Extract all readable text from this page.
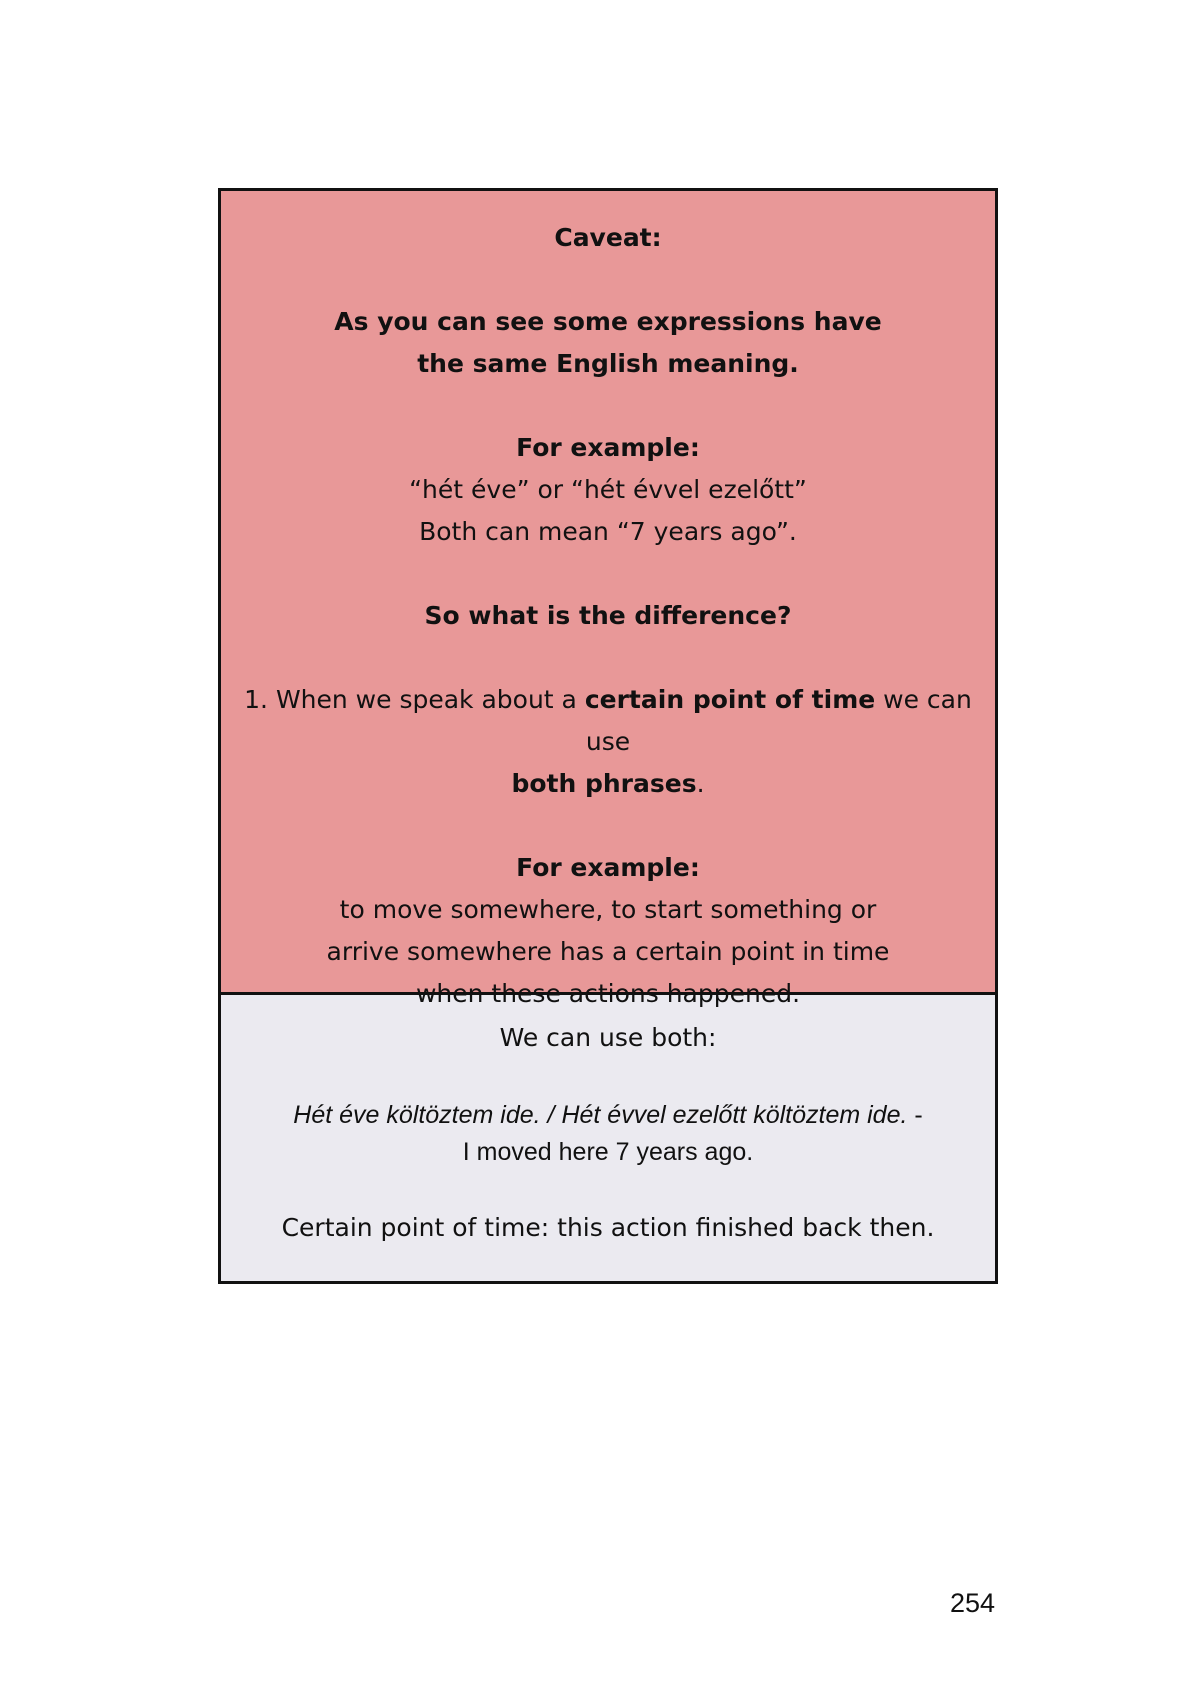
Caveat:

As you can see some expressions have

the same English meaning.

For example:

“hét éve” or “hét évvel ezelőtt”

Both can mean “7 years ago”.

So what is the difference?

1. When we speak about a certain point of time we can use

both phrases.

For example:

to move somewhere, to start something or

arrive somewhere has a certain point in time

when these actions happened.

We can use both:

Hét éve költöztem ide. / Hét évvel ezelőtt költöztem ide. -
I moved here 7 years ago.

Certain point of time: this action finished back then.

254
